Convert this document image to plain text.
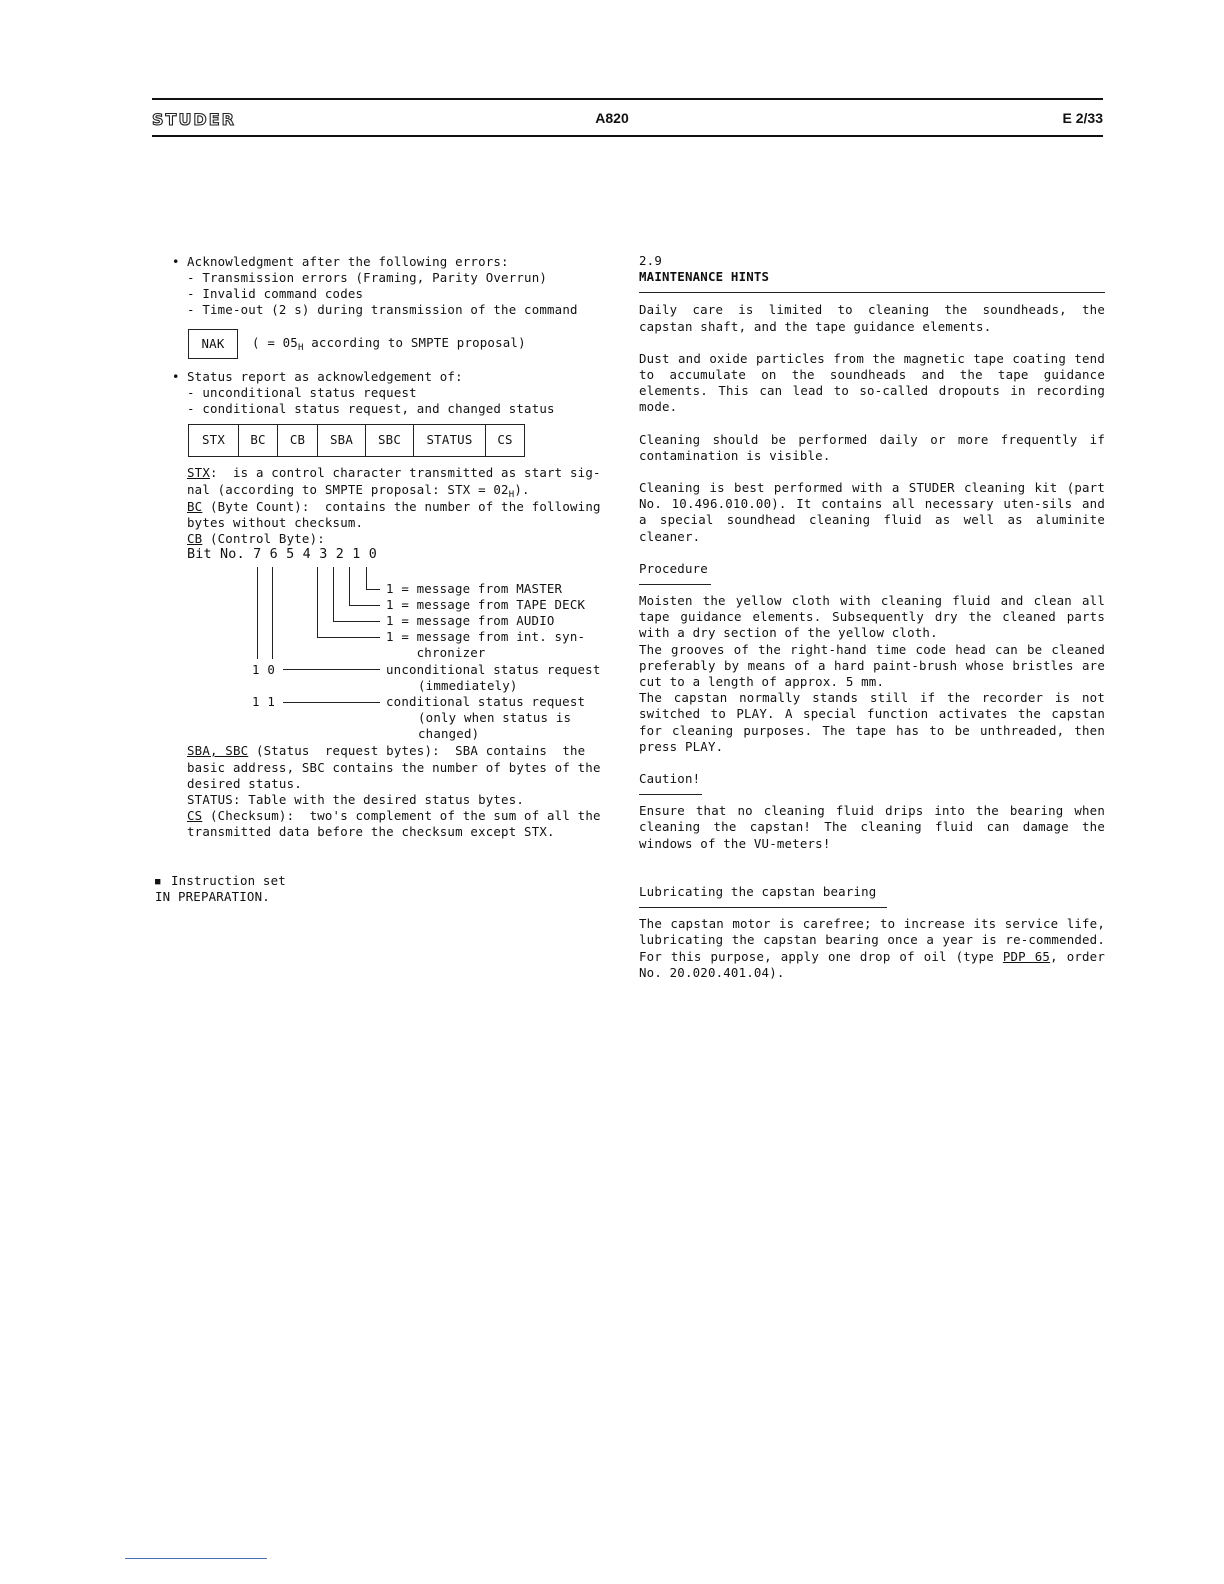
STUDER	A820	E 2/33
• Acknowledgment after the following errors:
- Transmission errors (Framing, Parity Overrun)
- Invalid command codes
- Time-out (2 s) during transmission of the command
NAK ( = $05_H$ according to SMPTE proposal)
• Status report as acknowledgement of:
- unconditional status request
- conditional status request, and changed status
STX BC CB SBA SBC STATUS CS
STX:  is a control character transmitted as start sig-
nal (according to SMPTE proposal: STX = $02_H$).
BC (Byte Count):  contains the number of the following
bytes without checksum.
CB (Control Byte):
Bit No. 7 6 5 4 3 2 1 0
1 = message from MASTER
1 = message from TAPE DECK
1 = message from AUDIO
1 = message from int. syn-
chronizer
1 0	unconditional status request
(immediately)
1 1	conditional status request
(only when status is
changed)
SBA, SBC (Status  request bytes):  SBA contains  the
basic address, SBC contains the number of bytes of the
desired status.
STATUS: Table with the desired status bytes.
CS (Checksum):  two's complement of the sum of all the
transmitted data before the checksum except STX.
■ Instruction set
IN PREPARATION.
2.9
MAINTENANCE HINTS

Daily care is limited to cleaning the soundheads, the capstan shaft, and the tape guidance elements.

Dust and oxide particles from the magnetic tape coating tend to accumulate on the soundheads and the tape guidance elements. This can lead to so-called dropouts in recording mode.

Cleaning should be performed daily or more frequently if contamination is visible.

Cleaning is best performed with a STUDER cleaning kit (part No. 10.496.010.00). It contains all necessary uten-sils and a special soundhead cleaning fluid as well as aluminite cleaner.

Procedure

Moisten the yellow cloth with cleaning fluid and clean all tape guidance elements. Subsequently dry the cleaned parts with a dry section of the yellow cloth.

The grooves of the right-hand time code head can be cleaned preferably by means of a hard paint-brush whose bristles are cut to a length of approx. 5 mm.

The capstan normally stands still if the recorder is not switched to PLAY. A special function activates the capstan for cleaning purposes. The tape has to be unthreaded, then press PLAY.

Caution!

Ensure that no cleaning fluid drips into the bearing when cleaning the capstan! The cleaning fluid can damage the windows of the VU-meters!

Lubricating the capstan bearing

The capstan motor is carefree; to increase its service life, lubricating the capstan bearing once a year is re-commended. For this purpose, apply one drop of oil (type PDP 65, order No. 20.020.401.04).
